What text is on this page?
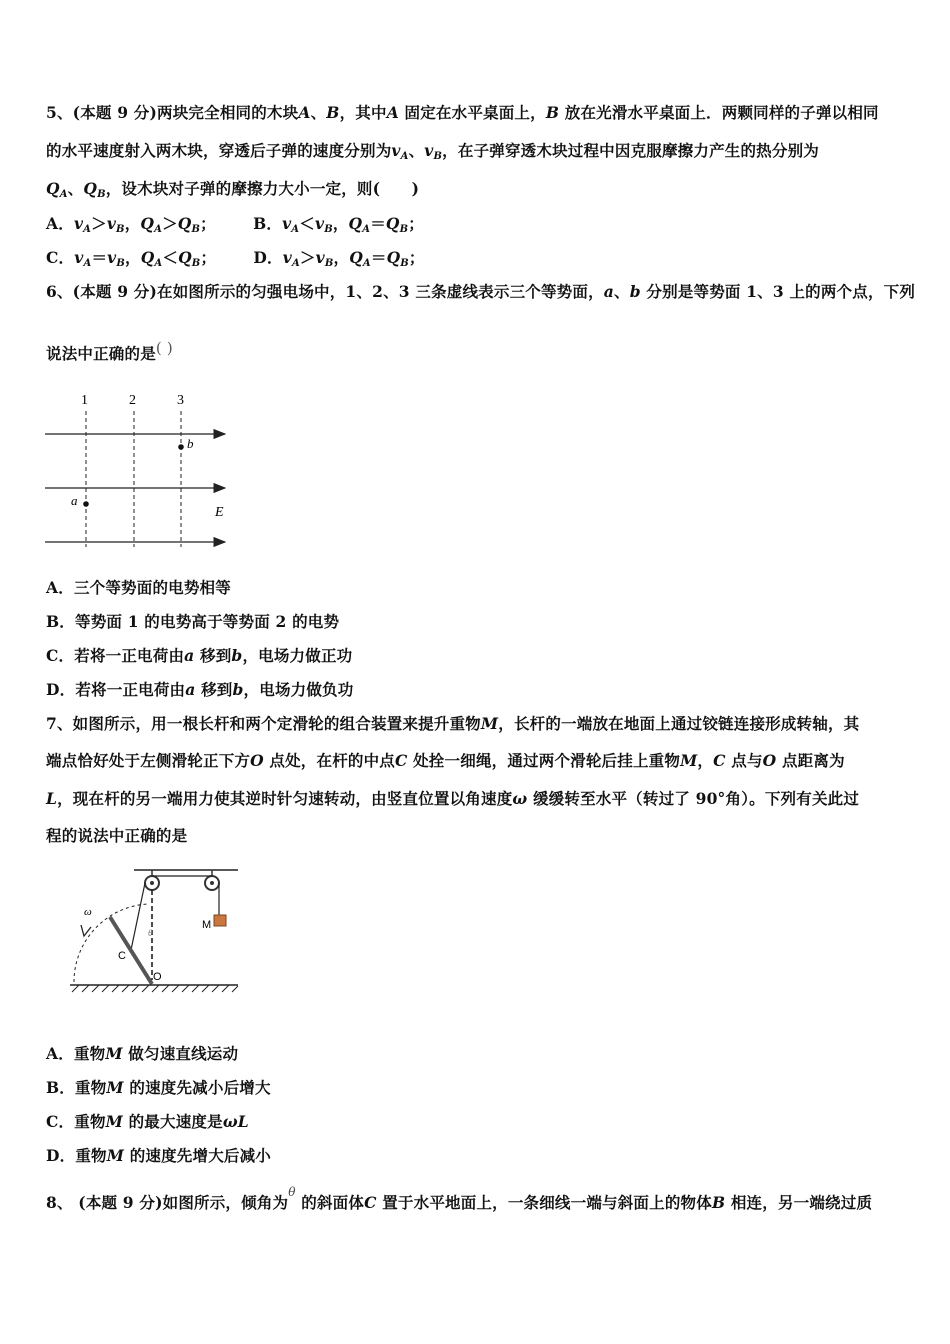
5、(本题 9 分)两块完全相同的木块A、B，其中A 固定在水平桌面上，B 放在光滑水平桌面上．两颗同样的子弹以相同
的水平速度射入两木块，穿透后子弹的速度分别为$v_A$、$v_B$，在子弹穿透木块过程中因克服摩擦力产生的热分别为
$Q_A$、$Q_B$，设木块对子弹的摩擦力大小一定，则(　　)
A．$v_A>v_B$，$Q_A>Q_B$； B．$v_A<v_B$，$Q_A=Q_B$；
C．$v_A=v_B$，$Q_A<Q_B$； D．$v_A>v_B$，$Q_A=Q_B$；
6、(本题 9 分)在如图所示的匀强电场中，1、2、3 三条虚线表示三个等势面，a、b 分别是等势面 1、3 上的两个点，下列
说法中正确的是( )
1	2	3
a
b
E
A．三个等势面的电势相等
B．等势面 1 的电势高于等势面 2 的电势
C．若将一正电荷由a 移到b，电场力做正功
D．若将一正电荷由a 移到b，电场力做负功
7、如图所示，用一根长杆和两个定滑轮的组合装置来提升重物M，长杆的一端放在地面上通过铰链连接形成转轴，其
端点恰好处于左侧滑轮正下方O 点处，在杆的中点C 处拴一细绳，通过两个滑轮后挂上重物M，C 点与O 点距离为
L，现在杆的另一端用力使其逆时针匀速转动，由竖直位置以角速度ω 缓缓转至水平（转过了 90°角）。下列有关此过
程的说法中正确的是
M
ω
C
O
θ
A．重物M 做匀速直线运动
B．重物M 的速度先减小后增大
C．重物M 的最大速度是ωL
D．重物M 的速度先增大后减小
8、 (本题 9 分)如图所示，倾角为$^\theta$ 的斜面体C 置于水平地面上，一条细线一端与斜面上的物体B 相连，另一端绕过质
